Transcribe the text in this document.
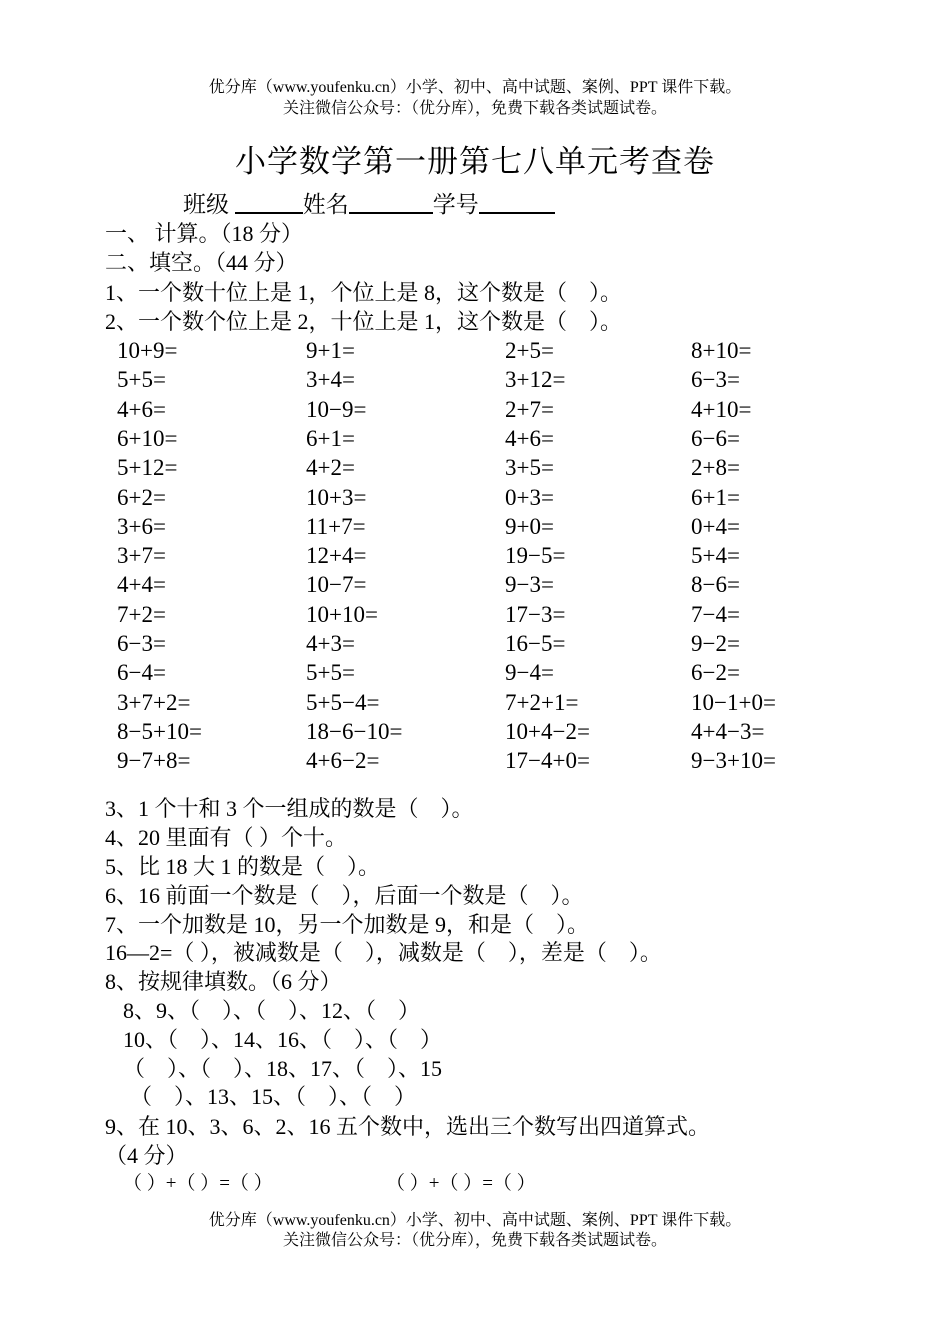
优分库（www.youfenku.cn）小学、初中、高中试题、案例、PPT 课件下载。
关注微信公众号：（优分库），免费下载各类试题试卷。
小学数学第一册第七八单元考查卷
班级	姓名	学号
一、 计算。（18 分）
二、填空。（44 分）
1、一个数十位上是 1，个位上是 8，这个数是（　）。
2、一个数个位上是 2，十位上是 1，这个数是（　）。
10+9=	9+1=	2+5=	8+10=
5+5=	3+4=	3+12=	6−3=
4+6=	10−9=	2+7=	4+10=
6+10=	6+1=	4+6=	6−6=
5+12=	4+2=	3+5=	2+8=
6+2=	10+3=	0+3=	6+1=
3+6=	11+7=	9+0=	0+4=
3+7=	12+4=	19−5=	5+4=
4+4=	10−7=	9−3=	8−6=
7+2=	10+10=	17−3=	7−4=
6−3=	4+3=	16−5=	9−2=
6−4=	5+5=	9−4=	6−2=
3+7+2=	5+5−4=	7+2+1=	10−1+0=
8−5+10=	18−6−10=	10+4−2=	4+4−3=
9−7+8=	4+6−2=	17−4+0=	9−3+10=
3、1 个十和 3 个一组成的数是（　）。
4、20 里面有（ ）个十。
5、比 18 大 1 的数是（　）。
6、16 前面一个数是（　），后面一个数是（　）。
7、一个加数是 10，另一个加数是 9，和是（　）。
16—2=（ ），被减数是（　），减数是（　），差是（　）。
8、按规律填数。（6 分）
8、9、（　）、（　）、12、（　）
10、（　）、14、16、（　）、（　）
（　）、（　）、18、17、（　）、15
（　）、13、15、（　）、（　）
9、在 10、3、6、2、16 五个数中，选出三个数写出四道算式。
（4 分）
（ ）+（ ）=（ ）	（ ）+（ ）=（ ）
优分库（www.youfenku.cn）小学、初中、高中试题、案例、PPT 课件下载。
关注微信公众号：（优分库），免费下载各类试题试卷。
